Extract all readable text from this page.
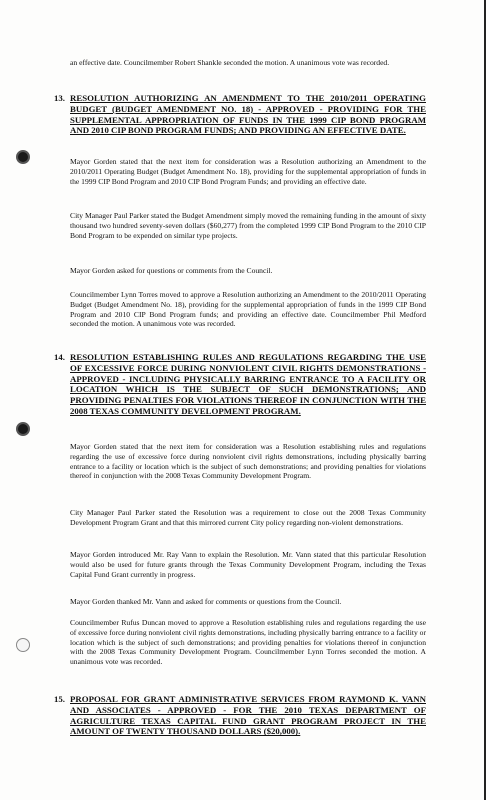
an effective date. Councilmember Robert Shankle seconded the motion. A unanimous vote was recorded.
13. RESOLUTION AUTHORIZING AN AMENDMENT TO THE 2010/2011 OPERATING BUDGET (BUDGET AMENDMENT NO. 18) - APPROVED - PROVIDING FOR THE SUPPLEMENTAL APPROPRIATION OF FUNDS IN THE 1999 CIP BOND PROGRAM AND 2010 CIP BOND PROGRAM FUNDS; AND PROVIDING AN EFFECTIVE DATE.
Mayor Gorden stated that the next item for consideration was a Resolution authorizing an Amendment to the 2010/2011 Operating Budget (Budget Amendment No. 18), providing for the supplemental appropriation of funds in the 1999 CIP Bond Program and 2010 CIP Bond Program Funds; and providing an effective date.
City Manager Paul Parker stated the Budget Amendment simply moved the remaining funding in the amount of sixty thousand two hundred seventy-seven dollars ($60,277) from the completed 1999 CIP Bond Program to the 2010 CIP Bond Program to be expended on similar type projects.
Mayor Gorden asked for questions or comments from the Council.
Councilmember Lynn Torres moved to approve a Resolution authorizing an Amendment to the 2010/2011 Operating Budget (Budget Amendment No. 18), providing for the supplemental appropriation of funds in the 1999 CIP Bond Program and 2010 CIP Bond Program funds; and providing an effective date. Councilmember Phil Medford seconded the motion. A unanimous vote was recorded.
14. RESOLUTION ESTABLISHING RULES AND REGULATIONS REGARDING THE USE OF EXCESSIVE FORCE DURING NONVIOLENT CIVIL RIGHTS DEMONSTRATIONS - APPROVED - INCLUDING PHYSICALLY BARRING ENTRANCE TO A FACILITY OR LOCATION WHICH IS THE SUBJECT OF SUCH DEMONSTRATIONS; AND PROVIDING PENALTIES FOR VIOLATIONS THEREOF IN CONJUNCTION WITH THE 2008 TEXAS COMMUNITY DEVELOPMENT PROGRAM.
Mayor Gorden stated that the next item for consideration was a Resolution establishing rules and regulations regarding the use of excessive force during nonviolent civil rights demonstrations, including physically barring entrance to a facility or location which is the subject of such demonstrations; and providing penalties for violations thereof in conjunction with the 2008 Texas Community Development Program.
City Manager Paul Parker stated the Resolution was a requirement to close out the 2008 Texas Community Development Program Grant and that this mirrored current City policy regarding non-violent demonstrations.
Mayor Gorden introduced Mr. Ray Vann to explain the Resolution. Mr. Vann stated that this particular Resolution would also be used for future grants through the Texas Community Development Program, including the Texas Capital Fund Grant currently in progress.
Mayor Gorden thanked Mr. Vann and asked for comments or questions from the Council.
Councilmember Rufus Duncan moved to approve a Resolution establishing rules and regulations regarding the use of excessive force during nonviolent civil rights demonstrations, including physically barring entrance to a facility or location which is the subject of such demonstrations; and providing penalties for violations thereof in conjunction with the 2008 Texas Community Development Program. Councilmember Lynn Torres seconded the motion. A unanimous vote was recorded.
15. PROPOSAL FOR GRANT ADMINISTRATIVE SERVICES FROM RAYMOND K. VANN AND ASSOCIATES - APPROVED - FOR THE 2010 TEXAS DEPARTMENT OF AGRICULTURE TEXAS CAPITAL FUND GRANT PROGRAM PROJECT IN THE AMOUNT OF TWENTY THOUSAND DOLLARS ($20,000).
